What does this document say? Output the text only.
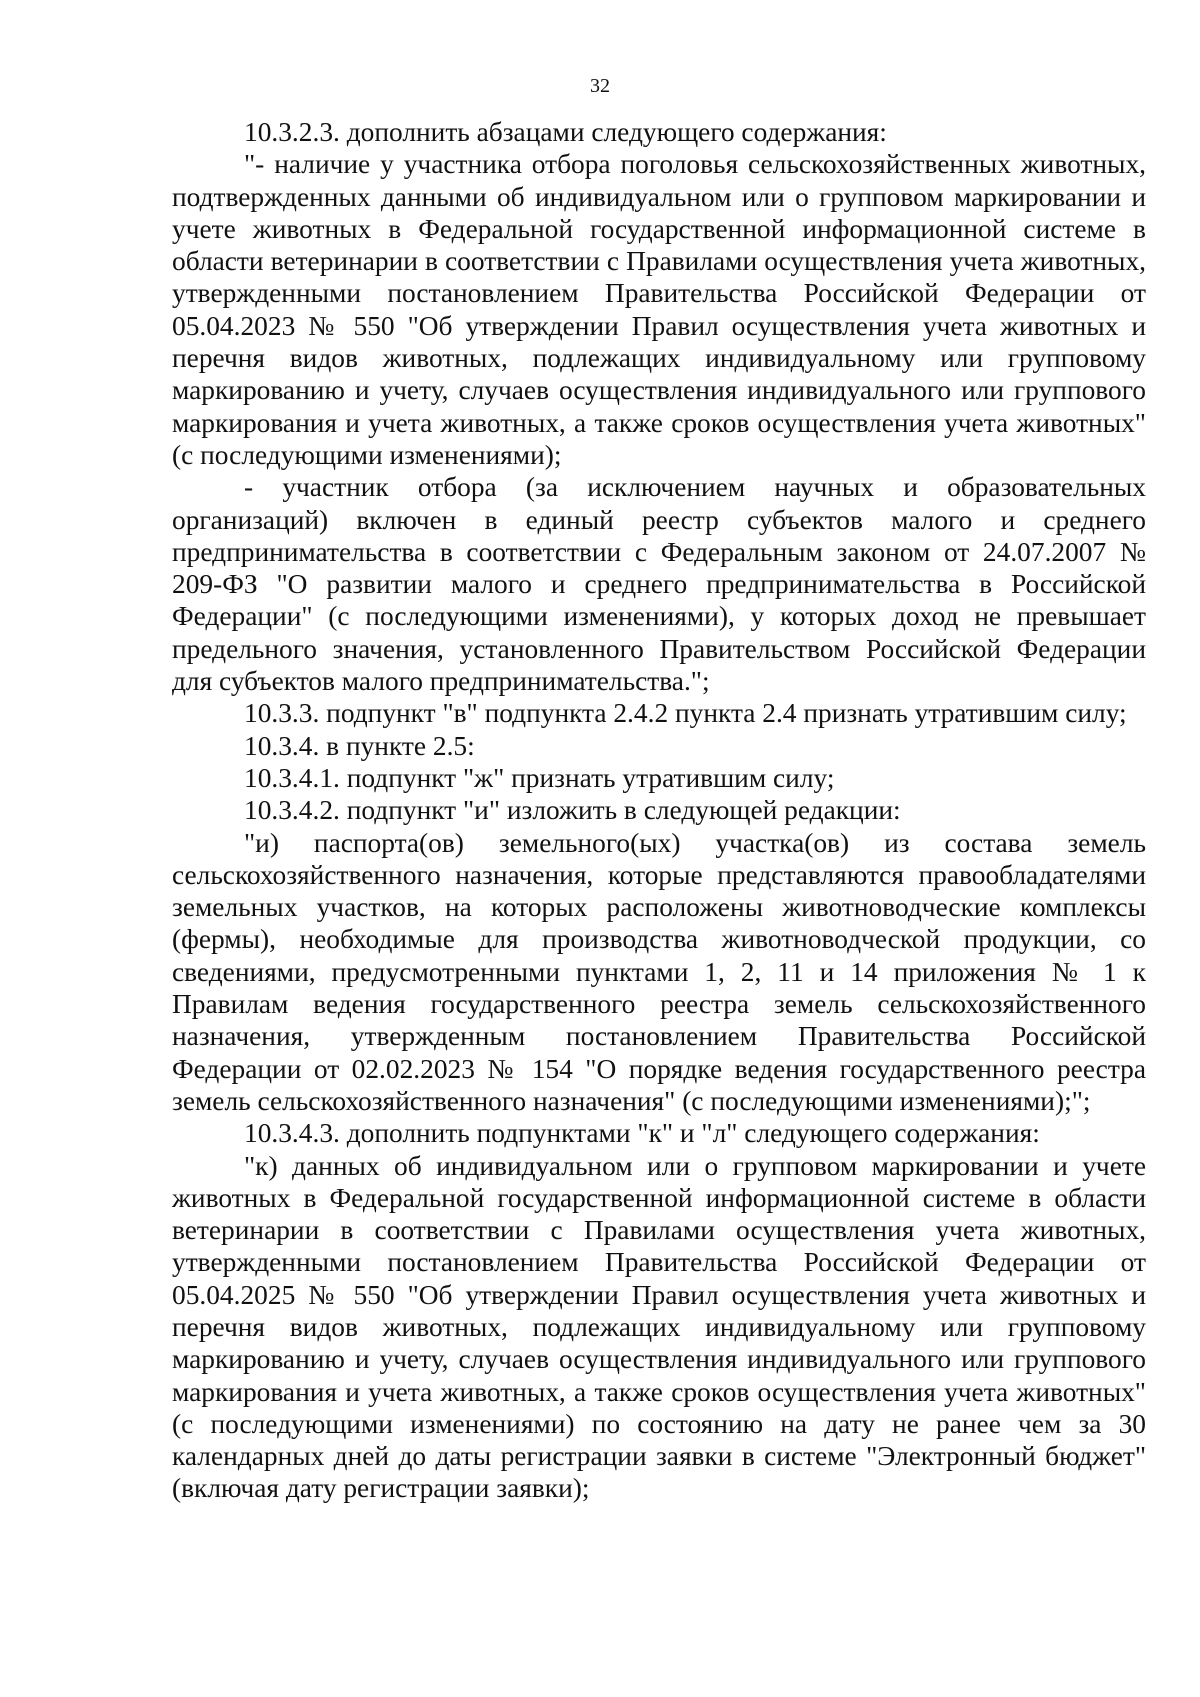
32

10.3.2.3. дополнить абзацами следующего содержания:

"- наличие у участника отбора поголовья сельскохозяйственных животных, подтвержденных данными об индивидуальном или о групповом маркировании и учете животных в Федеральной государственной информационной системе в области ветеринарии в соответствии с Правилами осуществления учета животных, утвержденными постановлением Правительства Российской Федерации от 05.04.2023 № 550 "Об утверждении Правил осуществления учета животных и перечня видов животных, подлежащих индивидуальному или групповому маркированию и учету, случаев осуществления индивидуального или группового маркирования и учета животных, а также сроков осуществления учета животных" (с последующими изменениями);

- участник отбора (за исключением научных и образовательных организаций) включен в единый реестр субъектов малого и среднего предпринимательства в соответствии с Федеральным законом от 24.07.2007 № 209-ФЗ "О развитии малого и среднего предпринимательства в Российской Федерации" (с последующими изменениями), у которых доход не превышает предельного значения, установленного Правительством Российской Федерации для субъектов малого предпринимательства.";

10.3.3. подпункт "в" подпункта 2.4.2 пункта 2.4 признать утратившим силу;

10.3.4. в пункте 2.5:

10.3.4.1. подпункт "ж" признать утратившим силу;

10.3.4.2. подпункт "и" изложить в следующей редакции:

"и) паспорта(ов) земельного(ых) участка(ов) из состава земель сельскохозяйственного назначения, которые представляются правообладателями земельных участков, на которых расположены животноводческие комплексы (фермы), необходимые для производства животноводческой продукции, со сведениями, предусмотренными пунктами 1, 2, 11 и 14 приложения № 1 к Правилам ведения государственного реестра земель сельскохозяйственного назначения, утвержденным постановлением Правительства Российской Федерации от 02.02.2023 № 154 "О порядке ведения государственного реестра земель сельскохозяйственного назначения" (с последующими изменениями);";

10.3.4.3. дополнить подпунктами "к" и "л" следующего содержания:

"к) данных об индивидуальном или о групповом маркировании и учете животных в Федеральной государственной информационной системе в области ветеринарии в соответствии с Правилами осуществления учета животных, утвержденными постановлением Правительства Российской Федерации от 05.04.2025 № 550 "Об утверждении Правил осуществления учета животных и перечня видов животных, подлежащих индивидуальному или групповому маркированию и учету, случаев осуществления индивидуального или группового маркирования и учета животных, а также сроков осуществления учета животных" (с последующими изменениями) по состоянию на дату не ранее чем за 30 календарных дней до даты регистрации заявки в системе "Электронный бюджет" (включая дату регистрации заявки);
